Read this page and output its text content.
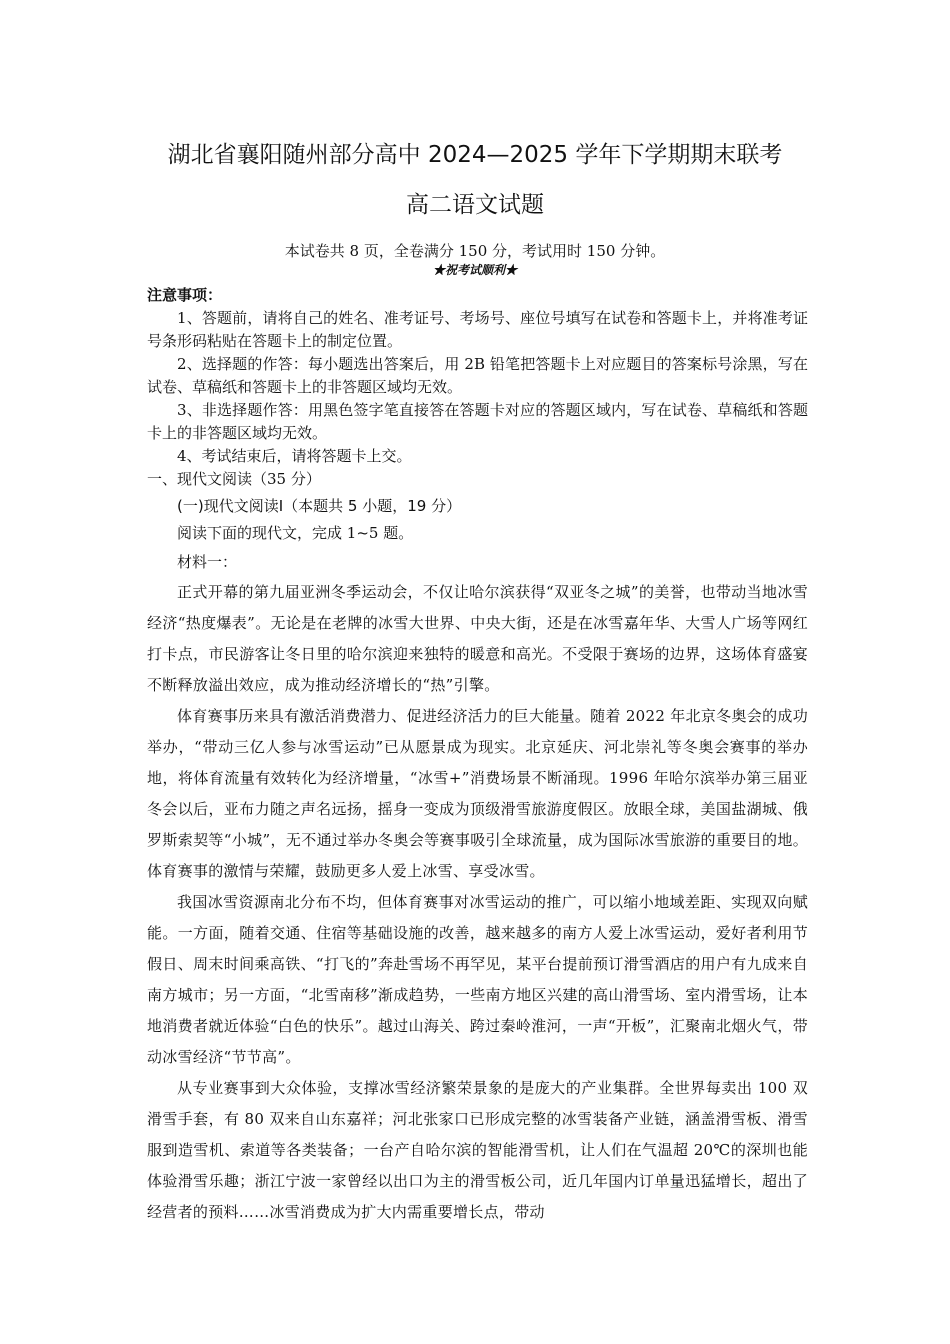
湖北省襄阳随州部分高中 2024—2025 学年下学期期末联考
高二语文试题
本试卷共 8 页，全卷满分 150 分，考试用时 150 分钟。
★祝考试顺利★

注意事项：

1、答题前，请将自己的姓名、准考证号、考场号、座位号填写在试卷和答题卡上，并将准考证号条形码粘贴在答题卡上的制定位置。

2、选择题的作答：每小题选出答案后，用 2B 铅笔把答题卡上对应题目的答案标号涂黑，写在试卷、草稿纸和答题卡上的非答题区域均无效。

3、非选择题作答：用黑色签字笔直接答在答题卡对应的答题区域内，写在试卷、草稿纸和答题卡上的非答题区域均无效。

4、考试结束后，请将答题卡上交。

一、现代文阅读（35 分）

(一)现代文阅读Ⅰ（本题共 5 小题，19 分）

阅读下面的现代文，完成 1~5 题。

材料一：

正式开幕的第九届亚洲冬季运动会，不仅让哈尔滨获得“双亚冬之城”的美誉，也带动当地冰雪经济“热度爆表”。无论是在老牌的冰雪大世界、中央大街，还是在冰雪嘉年华、大雪人广场等网红打卡点，市民游客让冬日里的哈尔滨迎来独特的暖意和高光。不受限于赛场的边界，这场体育盛宴不断释放溢出效应，成为推动经济增长的“热”引擎。

体育赛事历来具有激活消费潜力、促进经济活力的巨大能量。随着 2022 年北京冬奥会的成功举办，“带动三亿人参与冰雪运动”已从愿景成为现实。北京延庆、河北崇礼等冬奥会赛事的举办地，将体育流量有效转化为经济增量，“冰雪+”消费场景不断涌现。1996 年哈尔滨举办第三届亚冬会以后，亚布力随之声名远扬，摇身一变成为顶级滑雪旅游度假区。放眼全球，美国盐湖城、俄罗斯索契等“小城”，无不通过举办冬奥会等赛事吸引全球流量，成为国际冰雪旅游的重要目的地。体育赛事的激情与荣耀，鼓励更多人爱上冰雪、享受冰雪。

我国冰雪资源南北分布不均，但体育赛事对冰雪运动的推广，可以缩小地域差距、实现双向赋能。一方面，随着交通、住宿等基础设施的改善，越来越多的南方人爱上冰雪运动，爱好者利用节假日、周末时间乘高铁、“打飞的”奔赴雪场不再罕见，某平台提前预订滑雪酒店的用户有九成来自南方城市；另一方面，“北雪南移”渐成趋势，一些南方地区兴建的高山滑雪场、室内滑雪场，让本地消费者就近体验“白色的快乐”。越过山海关、跨过秦岭淮河，一声“开板”，汇聚南北烟火气，带动冰雪经济“节节高”。

从专业赛事到大众体验，支撑冰雪经济繁荣景象的是庞大的产业集群。全世界每卖出 100 双滑雪手套，有 80 双来自山东嘉祥；河北张家口已形成完整的冰雪装备产业链，涵盖滑雪板、滑雪服到造雪机、索道等各类装备；一台产自哈尔滨的智能滑雪机，让人们在气温超 20℃的深圳也能体验滑雪乐趣；浙江宁波一家曾经以出口为主的滑雪板公司，近几年国内订单量迅猛增长，超出了经营者的预料……冰雪消费成为扩大内需重要增长点，带动
